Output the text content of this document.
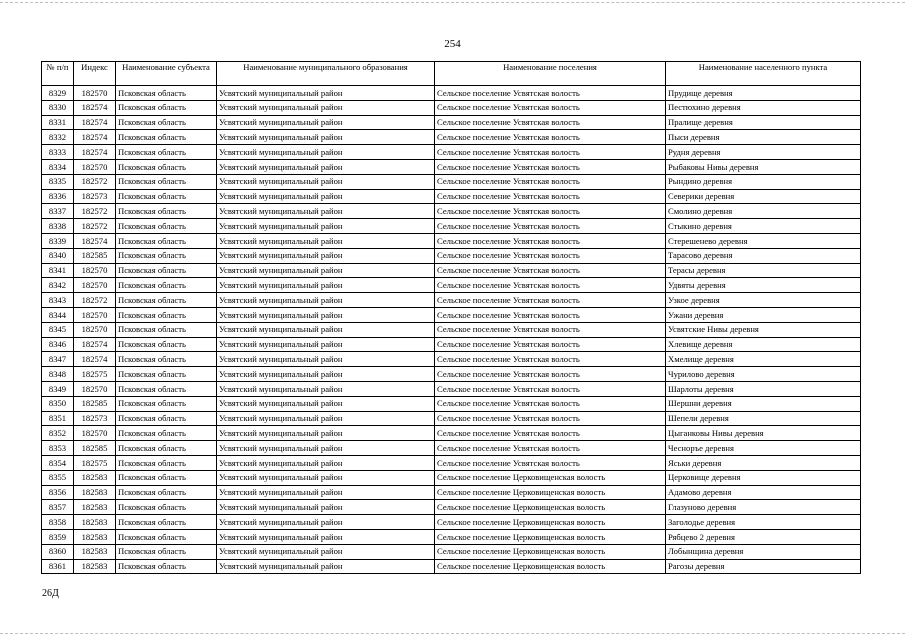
254
№ п/п	Индекс	Наименование субъекта	Наименование муниципального образования	Наименование поселения	Наименование населенного пункта
8329	182570	Псковская область	Усвятский муниципальный район	Сельское поселение Усвятская волость	Прудище деревня
8330	182574	Псковская область	Усвятский муниципальный район	Сельское поселение Усвятская волость	Пестюхино деревня
8331	182574	Псковская область	Усвятский муниципальный район	Сельское поселение Усвятская волость	Пралище деревня
8332	182574	Псковская область	Усвятский муниципальный район	Сельское поселение Усвятская волость	Пыси деревня
8333	182574	Псковская область	Усвятский муниципальный район	Сельское поселение Усвятская волость	Рудня деревня
8334	182570	Псковская область	Усвятский муниципальный район	Сельское поселение Усвятская волость	Рыбаковы Нивы деревня
8335	182572	Псковская область	Усвятский муниципальный район	Сельское поселение Усвятская волость	Рындино деревня
8336	182573	Псковская область	Усвятский муниципальный район	Сельское поселение Усвятская волость	Северики деревня
8337	182572	Псковская область	Усвятский муниципальный район	Сельское поселение Усвятская волость	Смолино деревня
8338	182572	Псковская область	Усвятский муниципальный район	Сельское поселение Усвятская волость	Стыкино деревня
8339	182574	Псковская область	Усвятский муниципальный район	Сельское поселение Усвятская волость	Стерешенево деревня
8340	182585	Псковская область	Усвятский муниципальный район	Сельское поселение Усвятская волость	Тарасово деревня
8341	182570	Псковская область	Усвятский муниципальный район	Сельское поселение Усвятская волость	Терасы деревня
8342	182570	Псковская область	Усвятский муниципальный район	Сельское поселение Усвятская волость	Удвяты деревня
8343	182572	Псковская область	Усвятский муниципальный район	Сельское поселение Усвятская волость	Узкое деревня
8344	182570	Псковская область	Усвятский муниципальный район	Сельское поселение Усвятская волость	Ужани деревня
8345	182570	Псковская область	Усвятский муниципальный район	Сельское поселение Усвятская волость	Усвятские Нивы деревня
8346	182574	Псковская область	Усвятский муниципальный район	Сельское поселение Усвятская волость	Хлевище деревня
8347	182574	Псковская область	Усвятский муниципальный район	Сельское поселение Усвятская волость	Хмелище деревня
8348	182575	Псковская область	Усвятский муниципальный район	Сельское поселение Усвятская волость	Чурилово деревня
8349	182570	Псковская область	Усвятский муниципальный район	Сельское поселение Усвятская волость	Шарлоты деревня
8350	182585	Псковская область	Усвятский муниципальный район	Сельское поселение Усвятская волость	Шершни деревня
8351	182573	Псковская область	Усвятский муниципальный район	Сельское поселение Усвятская волость	Шепели деревня
8352	182570	Псковская область	Усвятский муниципальный район	Сельское поселение Усвятская волость	Цыганковы Нивы деревня
8353	182585	Псковская область	Усвятский муниципальный район	Сельское поселение Усвятская волость	Чесноръе деревня
8354	182575	Псковская область	Усвятский муниципальный район	Сельское поселение Усвятская волость	Яськи деревня
8355	182583	Псковская область	Усвятский муниципальный район	Сельское поселение Церковищенская волость	Церковище деревня
8356	182583	Псковская область	Усвятский муниципальный район	Сельское поселение Церковищенская волость	Адамово деревня
8357	182583	Псковская область	Усвятский муниципальный район	Сельское поселение Церковищенская волость	Глазуново деревня
8358	182583	Псковская область	Усвятский муниципальный район	Сельское поселение Церковищенская волость	Заголодье деревня
8359	182583	Псковская область	Усвятский муниципальный район	Сельское поселение Церковищенская волость	Рябцево 2 деревня
8360	182583	Псковская область	Усвятский муниципальный район	Сельское поселение Церковищенская волость	Лобынщина деревня
8361	182583	Псковская область	Усвятский муниципальный район	Сельское поселение Церковищенская волость	Рагозы деревня
26Д
